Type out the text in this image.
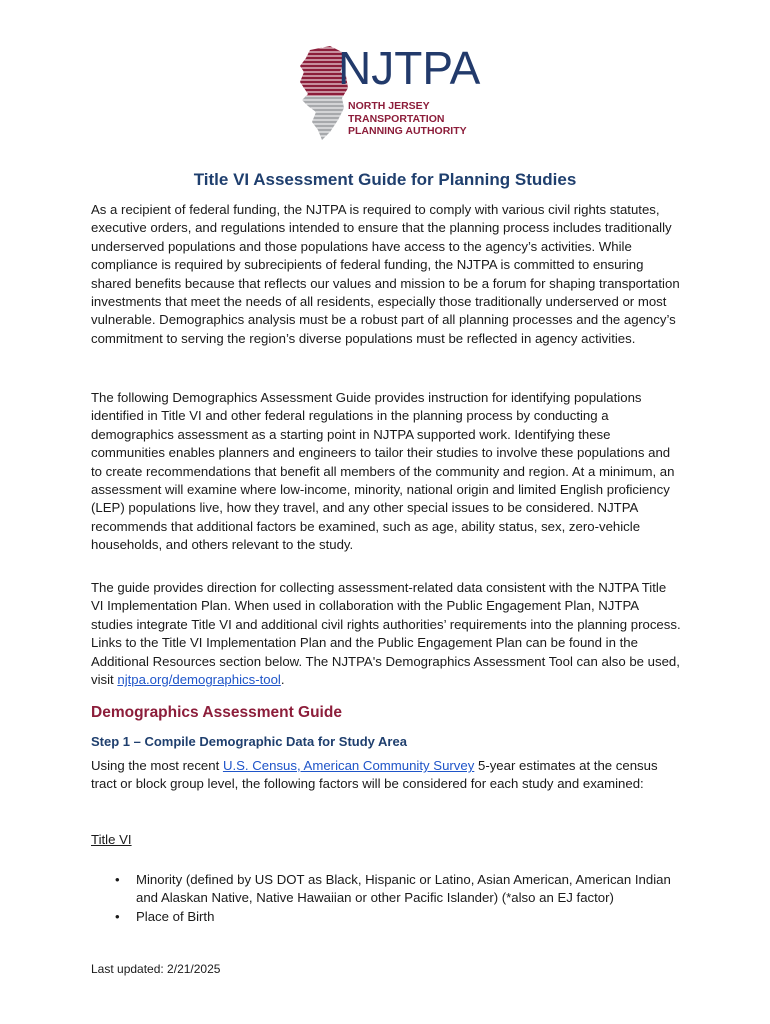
NJTPA
NORTH JERSEY
TRANSPORTATION
PLANNING AUTHORITY
Title VI Assessment Guide for Planning Studies

As a recipient of federal funding, the NJTPA is required to comply with various civil rights statutes, executive orders, and regulations intended to ensure that the planning process includes traditionally underserved populations and those populations have access to the agency’s activities. While compliance is required by subrecipients of federal funding, the NJTPA is committed to ensuring shared benefits because that reflects our values and mission to be a forum for shaping transportation investments that meet the needs of all residents, especially those traditionally underserved or most vulnerable. Demographics analysis must be a robust part of all planning processes and the agency’s commitment to serving the region’s diverse populations must be reflected in agency activities.

The following Demographics Assessment Guide provides instruction for identifying populations identified in Title VI and other federal regulations in the planning process by conducting a demographics assessment as a starting point in NJTPA supported work. Identifying these communities enables planners and engineers to tailor their studies to involve these populations and to create recommendations that benefit all members of the community and region. At a minimum, an assessment will examine where low-income, minority, national origin and limited English proficiency (LEP) populations live, how they travel, and any other special issues to be considered. NJTPA recommends that additional factors be examined, such as age, ability status, sex, zero-vehicle households, and others relevant to the study.

The guide provides direction for collecting assessment-related data consistent with the NJTPA Title VI Implementation Plan. When used in collaboration with the Public Engagement Plan, NJTPA studies integrate Title VI and additional civil rights authorities’ requirements into the planning process. Links to the Title VI Implementation Plan and the Public Engagement Plan can be found in the Additional Resources section below. The NJTPA's Demographics Assessment Tool can also be used, visit njtpa.org/demographics-tool.

Demographics Assessment Guide
Step 1 – Compile Demographic Data for Study Area

Using the most recent U.S. Census, American Community Survey 5-year estimates at the census tract or block group level, the following factors will be considered for each study and examined:

Title VI

• Minority (defined by US DOT as Black, Hispanic or Latino, Asian American, American Indian and Alaskan Native, Native Hawaiian or other Pacific Islander) (*also an EJ factor)
• Place of Birth

Last updated: 2/21/2025
